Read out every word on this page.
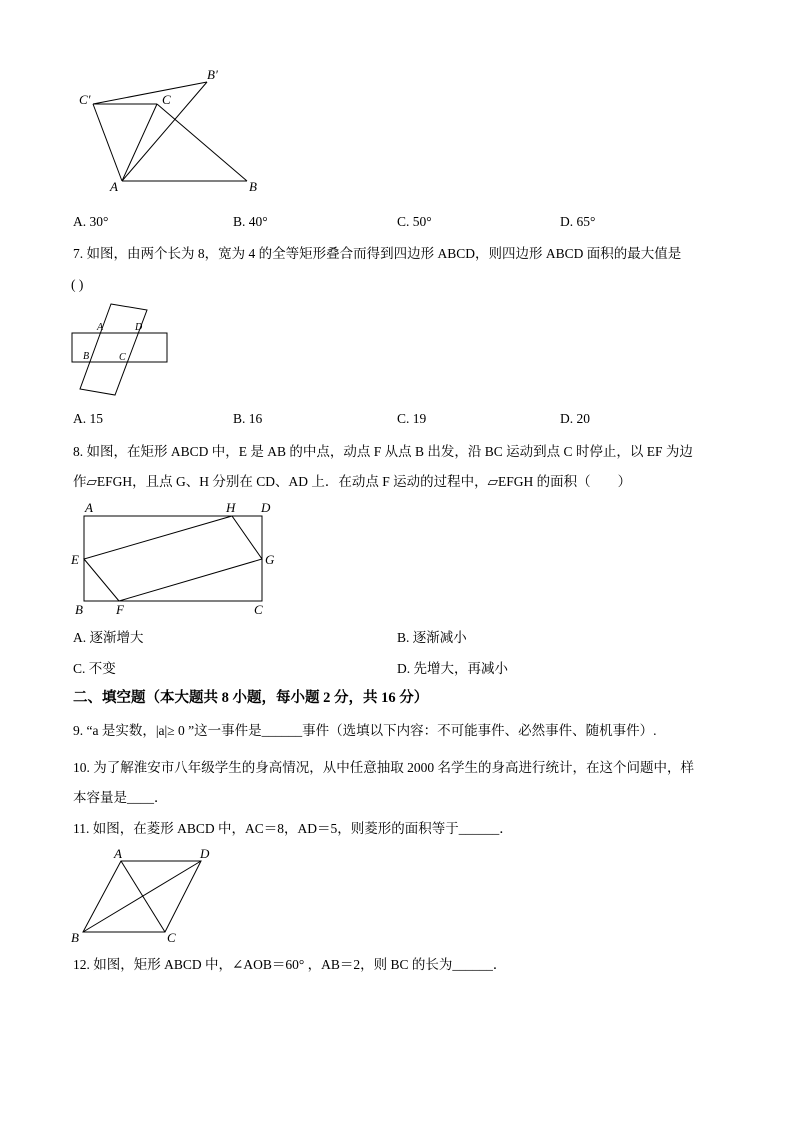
C′	C
B′
A	B
A. 30°	B. 40°	C. 50°	D. 65°
7. 如图，由两个长为 8，宽为 4 的全等矩形叠合而得到四边形 ABCD，则四边形 ABCD 面积的最大值是
( )
A	D
B	C
A. 15	B. 16	C. 19	D. 20
8. 如图，在矩形 ABCD 中，E 是 AB 的中点，动点 F 从点 B 出发，沿 BC 运动到点 C 时停止，以 EF 为边
作▱EFGH，且点 G、H 分别在 CD、AD 上．在动点 F 运动的过程中，▱EFGH 的面积（　　）
A	H D
E	G
B	F	C
A. 逐渐增大	B. 逐渐减小
C. 不变	D. 先增大，再减小
二、填空题（本大题共 8 小题，每小题 2 分，共 16 分）
9. “a 是实数，|a|≥ 0 ”这一事件是______事件（选填以下内容：不可能事件、必然事件、随机事件）.
10. 为了解淮安市八年级学生的身高情况，从中任意抽取 2000 名学生的身高进行统计，在这个问题中，样
本容量是____．
11. 如图，在菱形 ABCD 中，AC＝8，AD＝5，则菱形的面积等于______．
A	D
B	C
12. 如图，矩形 ABCD 中，∠AOB＝60° ，AB＝2，则 BC 的长为______．
